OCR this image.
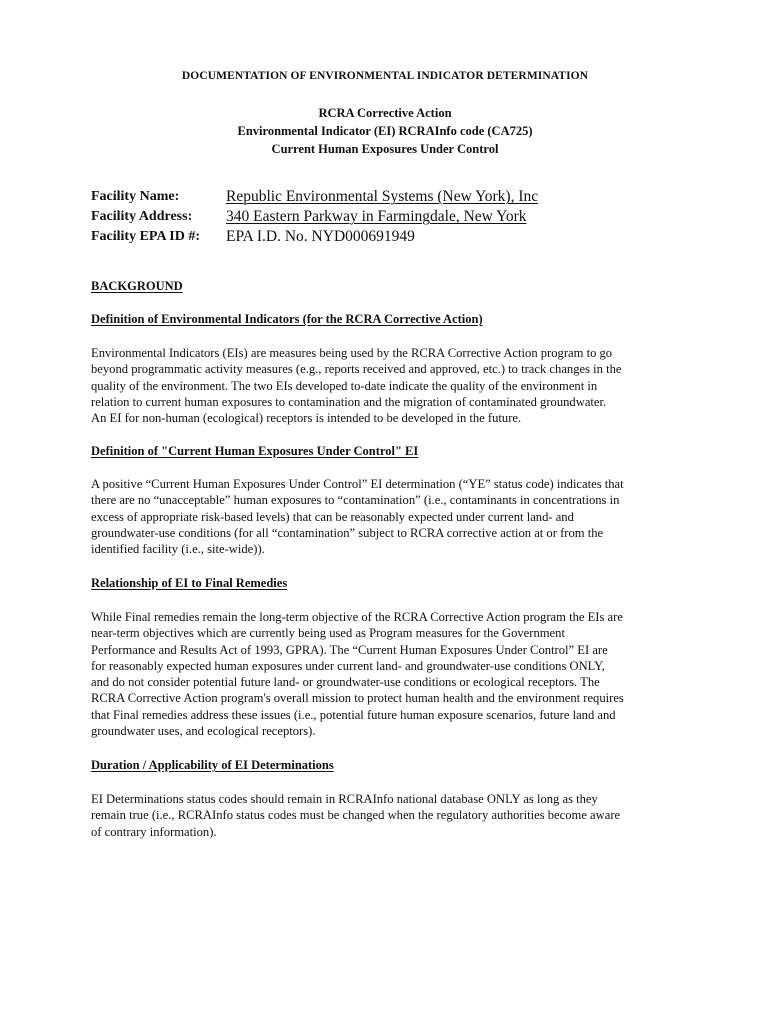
DOCUMENTATION OF ENVIRONMENTAL INDICATOR DETERMINATION
RCRA Corrective Action
Environmental Indicator (EI) RCRAInfo code (CA725)
Current Human Exposures Under Control
Facility Name:	Republic Environmental Systems (New York), Inc
Facility Address:	340 Eastern Parkway in Farmingdale, New York
Facility EPA ID #:	EPA I.D. No. NYD000691949
BACKGROUND
Definition of Environmental Indicators (for the RCRA Corrective Action)
Environmental Indicators (EIs) are measures being used by the RCRA Corrective Action program to go
beyond programmatic activity measures (e.g., reports received and approved, etc.) to track changes in the
quality of the environment. The two EIs developed to-date indicate the quality of the environment in
relation to current human exposures to contamination and the migration of contaminated groundwater.
An EI for non-human (ecological) receptors is intended to be developed in the future.
Definition of "Current Human Exposures Under Control" EI
A positive “Current Human Exposures Under Control” EI determination (“YE” status code) indicates that
there are no “unacceptable” human exposures to “contamination” (i.e., contaminants in concentrations in
excess of appropriate risk-based levels) that can be reasonably expected under current land- and
groundwater-use conditions (for all “contamination” subject to RCRA corrective action at or from the
identified facility (i.e., site-wide)).
Relationship of EI to Final Remedies
While Final remedies remain the long-term objective of the RCRA Corrective Action program the EIs are
near-term objectives which are currently being used as Program measures for the Government
Performance and Results Act of 1993, GPRA). The “Current Human Exposures Under Control” EI are
for reasonably expected human exposures under current land- and groundwater-use conditions ONLY,
and do not consider potential future land- or groundwater-use conditions or ecological receptors. The
RCRA Corrective Action program's overall mission to protect human health and the environment requires
that Final remedies address these issues (i.e., potential future human exposure scenarios, future land and
groundwater uses, and ecological receptors).
Duration / Applicability of EI Determinations
EI Determinations status codes should remain in RCRAInfo national database ONLY as long as they
remain true (i.e., RCRAInfo status codes must be changed when the regulatory authorities become aware
of contrary information).
